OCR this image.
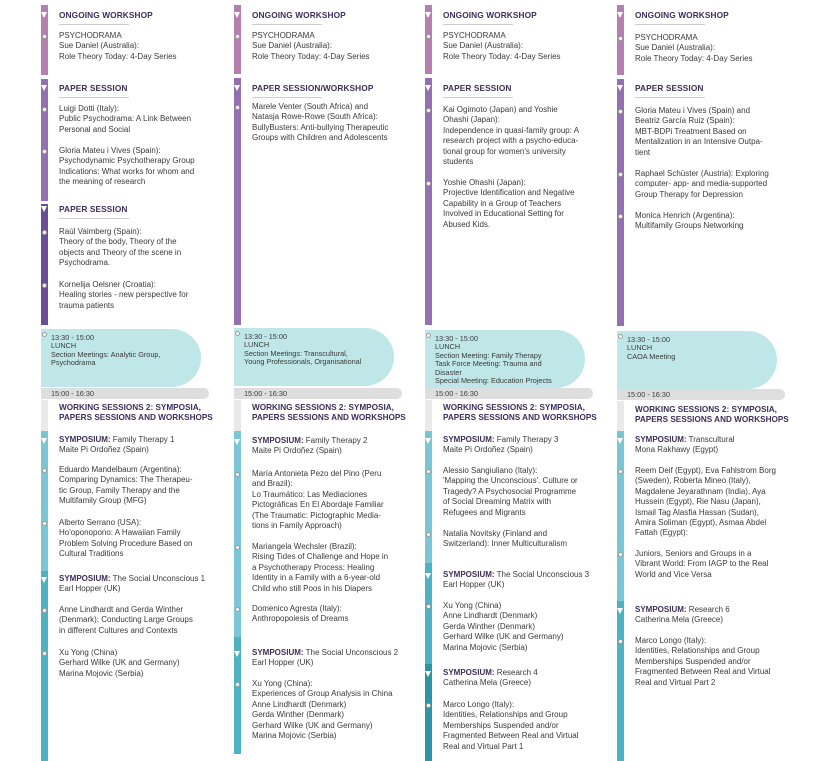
ONGOING WORKSHOP
PSYCHODRAMA
Sue Daniel (Australia):
Role Theory Today: 4-Day Series
PAPER SESSION
Luigi Dotti (Italy):
Public Psychodrama: A Link Between
Personal and Social
Gloria Mateu i Vives (Spain):
Psychodynamic Psychotherapy Group
Indications: What works for whom and
the meaning of research
PAPER SESSION
Raúl Vaimberg (Spain):
Theory of the body, Theory of the
objects and Theory of the scene in
Psychodrama.
Kornelija Oelsner (Croatia):
Healing stories - new perspective for
trauma patients
13:30 - 15:00
LUNCH
Section Meetings: Analytic Group,
Psychodrama
15:00 - 16:30
WORKING SESSIONS 2: SYMPOSIA,
PAPERS SESSIONS AND WORKSHOPS
SYMPOSIUM: Family Therapy 1
Maite Pi Ordoñez (Spain)
Eduardo Mandelbaum (Argentina):
Comparing Dynamics: The Therapeu-
tic Group, Family Therapy and the
Multifamily Group (MFG)
Alberto Serrano (USA):
Ho'oponopono: A Hawaiian Family
Problem Solving Procedure Based on
Cultural Traditions
SYMPOSIUM: The Social Unconscious 1
Earl Hopper (UK)
Anne Lindhardt and Gerda Winther
(Denmark): Conducting Large Groups
in different Cultures and Contexts
Xu Yong (China)
Gerhard Wilke (UK and Germany)
Marina Mojovic (Serbia)
ONGOING WORKSHOP
PSYCHODRAMA
Sue Daniel (Australia):
Role Theory Today: 4-Day Series
PAPER SESSION/WORKSHOP
Marele Venter (South Africa) and
Natasja Rowe-Rowe (South Africa):
BullyBusters: Anti-bullying Therapeutic
Groups with Children and Adolescents
13:30 - 15:00
LUNCH
Section Meetings: Transcultural,
Young Professionals, Organisational
15:00 - 16:30
WORKING SESSIONS 2: SYMPOSIA,
PAPERS SESSIONS AND WORKSHOPS
SYMPOSIUM: Family Therapy 2
Maite Pi Ordoñez (Spain)
María Antonieta Pezo del Pino (Peru
and Brazil):
Lo Traumático: Las Mediaciones
Pictográficas En El Abordaje Familiar
(The Traumatic: Pictographic Media-
tions in Family Approach)
Mariangela Wechsler (Brazil):
Rising Tides of Challenge and Hope in
a Psychotherapy Process: Healing
Identity in a Family with a 6-year-old
Child who still Poos in his Diapers
Domenico Agresta (Italy):
Anthropopoiesis of Dreams
SYMPOSIUM: The Social Unconscious 2
Earl Hopper (UK)
Xu Yong (China):
Experiences of Group Analysis in China
Anne Lindhardt (Denmark)
Gerda Winther (Denmark)
Gerhard Wilke (UK and Germany)
Marina Mojovic (Serbia)
ONGOING WORKSHOP
PSYCHODRAMA
Sue Daniel (Australia):
Role Theory Today: 4-Day Series
PAPER SESSION
Kai Ogimoto (Japan) and Yoshie
Ohashi (Japan):
Independence in quasi-family group: A
research project with a psycho-educa-
tional group for women's university
students
Yoshie Ohashi (Japan):
Projective Identification and Negative
Capability in a Group of Teachers
Involved in Educational Setting for
Abused Kids.
13:30 - 15:00
LUNCH
Section Meeting: Family Therapy
Task Force Meeting: Trauma and
Disaster
Special Meeting: Education Projects
15:00 - 16:30
WORKING SESSIONS 2: SYMPOSIA,
PAPERS SESSIONS AND WORKSHOPS
SYMPOSIUM: Family Therapy 3
Maite Pi Ordoñez (Spain)
Alessio Sangiuliano (Italy):
'Mapping the Unconscious'. Culture or
Tragedy? A Psychosocial Programme
of Social Dreaming Matrix with
Refugees and Migrants
Natalia Novitsky (Finland and
Switzerland): Inner Multiculturalism
SYMPOSIUM: The Social Unconscious 3
Earl Hopper (UK)
Xu Yong (China)
Anne Lindhardt (Denmark)
Gerda Winther (Denmark)
Gerhard Wilke (UK and Germany)
Marina Mojovic (Serbia)
SYMPOSIUM: Research 4
Catherina Mela (Greece)
Marco Longo (Italy):
Identities, Relationships and Group
Memberships Suspended and/or
Fragmented Between Real and Virtual
Real and Virtual Part 1
ONGOING WORKSHOP
PSYCHODRAMA
Sue Daniel (Australia):
Role Theory Today: 4-Day Series
PAPER SESSION
Gloria Mateu i Vives (Spain) and
Beatriz García Ruiz (Spain):
MBT-BDPi Treatment Based on
Mentalization in an Intensive Outpa-
tient
Raphael Schüster (Austria): Exploring
computer- app- and media-supported
Group Therapy for Depression
Monica Henrich (Argentina):
Multifamily Groups Networking
13:30 - 15:00
LUNCH
CAOA Meeting
15:00 - 16:30
WORKING SESSIONS 2: SYMPOSIA,
PAPERS SESSIONS AND WORKSHOPS
SYMPOSIUM: Transcultural
Mona Rakhawy (Egypt)
Reem Deif (Egypt), Eva Fahlstrom Borg
(Sweden), Roberta Mineo (Italy),
Magdalene Jeyarathnam (India), Aya
Hussein (Egypt), Rie Nasu (Japan),
Ismail Tag Alasfia Hassan (Sudan),
Amira Soliman (Egypt), Asmaa Abdel
Fattah (Egypt):
Juniors, Seniors and Groups in a
Vibrant World: From IAGP to the Real
World and Vice Versa
SYMPOSIUM: Research 6
Catherina Mela (Greece)
Marco Longo (Italy):
Identities, Relationships and Group
Memberships Suspended and/or
Fragmented Between Real and Virtual
Real and Virtual Part 2
